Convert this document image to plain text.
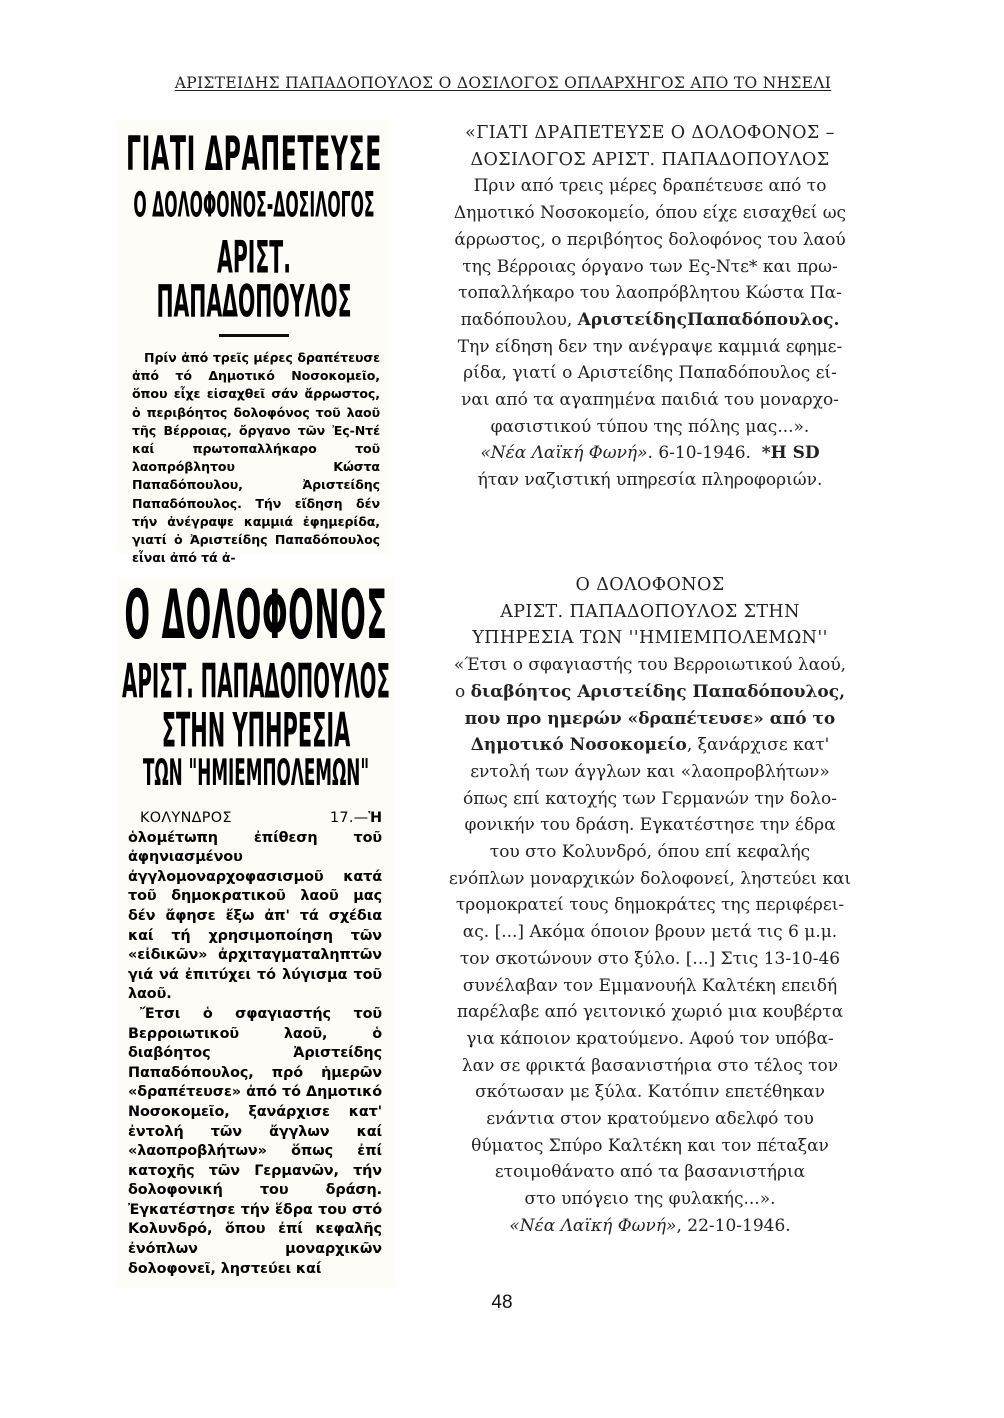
ΑΡΙΣΤΕΙΔΗΣ ΠΑΠΑΔΟΠΟΥΛΟΣ Ο ΔΟΣΙΛΟΓΟΣ ΟΠΛΑΡΧΗΓΟΣ ΑΠΟ ΤΟ ΝΗΣΕΛΙ
ΓΙΑΤΙ ΔΡΑΠΕΤΕΥΣΕ
Ο ΔΟΛΟΦΟΝΟΣ-ΔΟΣΙΛΟΓΟΣ
ΑΡΙΣΤ. ΠΑΠΑΔΟΠΟΥΛΟΣ
Πρίν ἀπό τρεῖς μέρες δραπέτευσε ἀπό τό Δημοτικό Νοσοκομεῖο, ὅπου εἶχε εἰσαχθεῖ σάν ἄρρωστος, ὁ περιβόητος δολοφόνος τοῦ λαοῦ τῆς Βέρροιας, ὄργανο τῶν Ἐς-Ντέ καί πρωτοπαλλήκαρο τοῦ λαοπρόβλητου Κώστα Παπαδόπουλου, Ἀριστείδης Παπαδόπουλος. Τήν εἴδηση δέν τήν ἀνέγραψε καμμιά ἐφημερίδα, γιατί ὁ Ἀριστείδης Παπαδόπουλος εἶναι ἀπό τά ἀ-

«ΓΙΑΤΙ ΔΡΑΠΕΤΕΥΣΕ Ο ΔΟΛΟΦΟΝΟΣ –

ΔΟΣΙΛΟΓΟΣ ΑΡΙΣΤ. ΠΑΠΑΔΟΠΟΥΛΟΣ

Πριν από τρεις μέρες δραπέτευσε από το

Δημοτικό Νοσοκομείο, όπου είχε εισαχθεί ως

άρρωστος, ο περιβόητος δολοφόνος του λαού

της Βέρροιας όργανο των Ες-Ντε* και πρω-

τοπαλλήκαρο του λαοπρόβλητου Κώστα Πα-

παδόπουλου, ΑριστείδηςΠαπαδόπουλος.

Την είδηση δεν την ανέγραψε καμμιά εφημε-

ρίδα, γιατί ο Αριστείδης Παπαδόπουλος εί-

ναι από τα αγαπημένα παιδιά του μοναρχο-

φασιστικού τύπου της πόλης μας...».

«Νέα Λαϊκή Φωνή». 6-10-1946. *Η SD

ήταν ναζιστική υπηρεσία πληροφοριών.

Ο ΔΟΛΟΦΟΝΟΣ
ΑΡΙΣΤ. ΠΑΠΑΔΟΠΟΥΛΟΣ
ΣΤΗΝ ΥΠΗΡΕΣΙΑ
ΤΩΝ "ΗΜΙΕΜΠΟΛΕΜΩΝ"
ΚΟΛΥΝΔΡΟΣ 17.—Ἡ ὁλομέτωπη ἐπίθεση τοῦ ἀφηνιασμένου ἀγγλομοναρχοφασισμοῦ κατά τοῦ δημοκρατικοῦ λαοῦ μας δέν ἄφησε ἔξω ἀπ' τά σχέδια καί τή χρησιμοποίηση τῶν «εἰδικῶν» ἀρχιταγματαληπτῶν γιά νά ἐπιτύχει τό λύγισμα τοῦ λαοῦ.
Ἔτσι ὁ σφαγιαστής τοῦ Βερροιωτικοῦ λαοῦ, ὁ διαβόητος Ἀριστείδης Παπαδόπουλος, πρό ἡμερῶν «δραπέτευσε» ἀπό τό Δημοτικό Νοσοκομεῖο, ξανάρχισε κατ' ἐντολή τῶν ἄγγλων καί «λαοπροβλήτων» ὅπως ἐπί κατοχῆς τῶν Γερμανῶν, τήν δολοφονική του δράση. Ἐγκατέστησε τήν ἕδρα του στό Κολυνδρό, ὅπου ἐπί κεφαλῆς ἐνόπλων μοναρχικῶν δολοφονεῖ, ληστεύει καί

Ο ΔΟΛΟΦΟΝΟΣ

ΑΡΙΣΤ. ΠΑΠΑΔΟΠΟΥΛΟΣ ΣΤΗΝ

ΥΠΗΡΕΣΙΑ ΤΩΝ ''ΗΜΙΕΜΠΟΛΕΜΩΝ''

«Έτσι ο σφαγιαστής του Βερροιωτικού λαού,

ο διαβόητος Αριστείδης Παπαδόπουλος,

που προ ημερών «δραπέτευσε» από το

Δημοτικό Νοσοκομείο, ξανάρχισε κατ'

εντολή των άγγλων και «λαοπροβλήτων»

όπως επί κατοχής των Γερμανών την δολο-

φονικήν του δράση. Εγκατέστησε την έδρα

του στο Κολυνδρό, όπου επί κεφαλής

ενόπλων μοναρχικών δολοφονεί, ληστεύει και

τρομοκρατεί τους δημοκράτες της περιφέρει-

ας. [...] Ακόμα όποιον βρουν μετά τις 6 μ.μ.

τον σκοτώνουν στο ξύλο. [...] Στις 13-10-46

συνέλαβαν τον Εμμανουήλ Καλτέκη επειδή

παρέλαβε από γειτονικό χωριό μια κουβέρτα

για κάποιον κρατούμενο. Αφού τον υπόβα-

λαν σε φρικτά βασανιστήρια στο τέλος τον

σκότωσαν με ξύλα. Κατόπιν επετέθηκαν

ενάντια στον κρατούμενο αδελφό του

θύματος Σπύρο Καλτέκη και τον πέταξαν

ετοιμοθάνατο από τα βασανιστήρια

στο υπόγειο της φυλακής...».

«Νέα Λαϊκή Φωνή», 22-10-1946.

48
